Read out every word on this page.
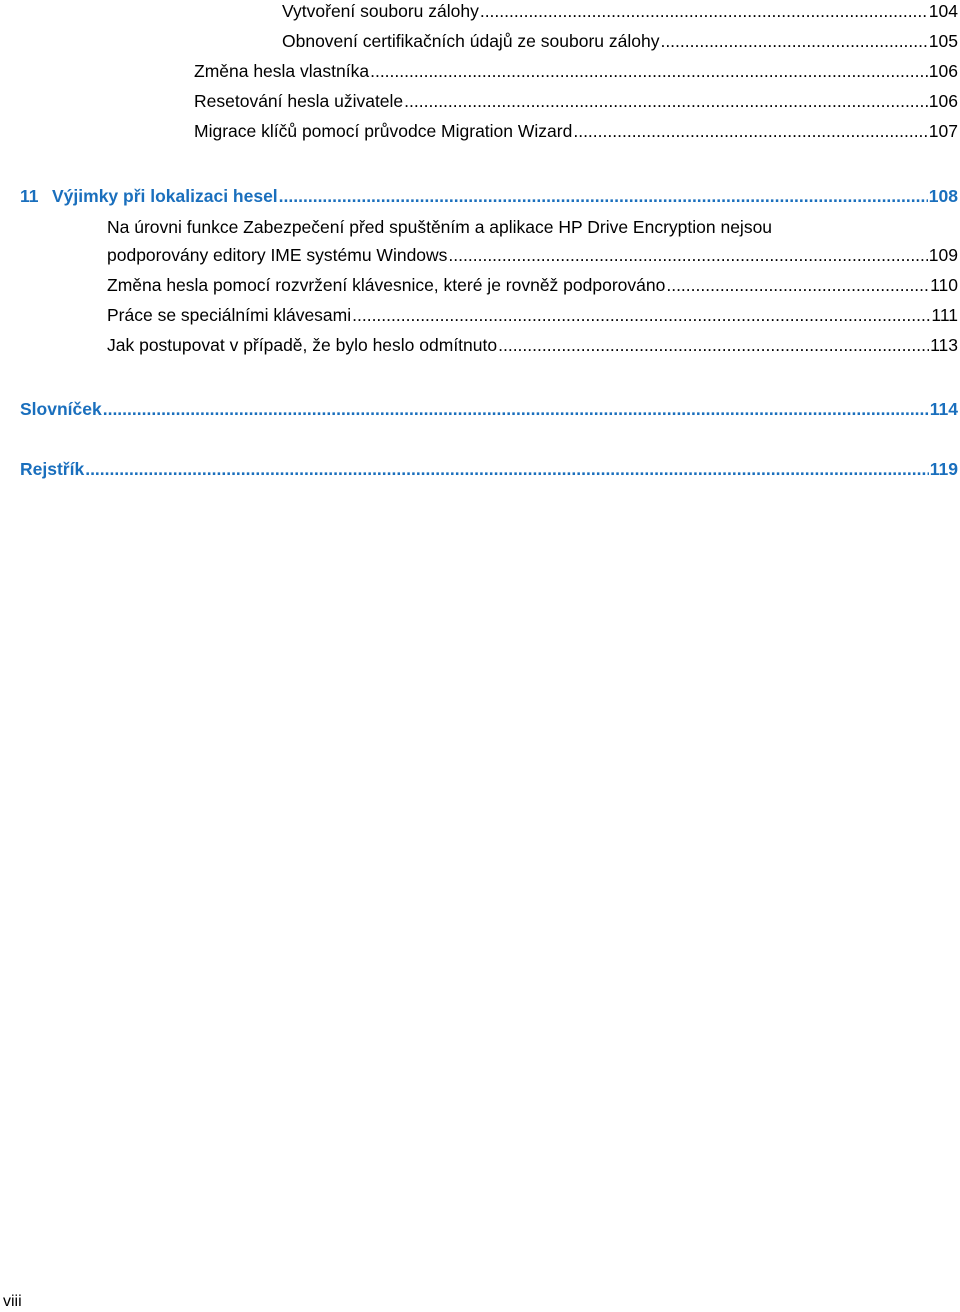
Vytvoření souboru zálohy .....	104
Obnovení certifikačních údajů ze souboru zálohy .....	105
Změna hesla vlastníka .....	106
Resetování hesla uživatele .....	106
Migrace klíčů pomocí průvodce Migration Wizard .....	107
11 Výjimky při lokalizaci hesel .....	108
Na úrovni funkce Zabezpečení před spuštěním a aplikace HP Drive Encryption nejsou
podporovány editory IME systému Windows .....	109
Změna hesla pomocí rozvržení klávesnice, které je rovněž podporováno .....	110
Práce se speciálními klávesami .....	111
Jak postupovat v případě, že bylo heslo odmítnuto .....	113
Slovníček .....	114
Rejstřík .....	119
viii
